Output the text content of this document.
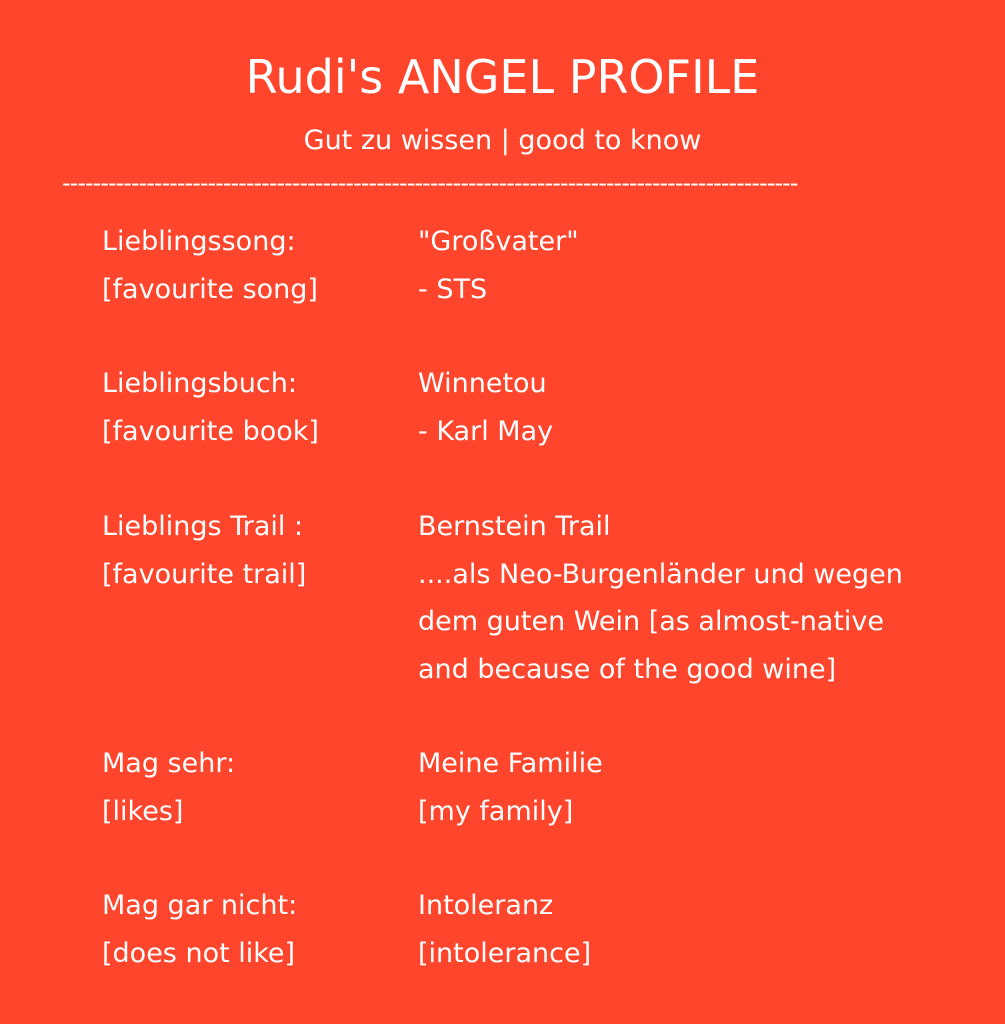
Rudi's ANGEL PROFILE
Gut zu wissen | good to know
------------------------------------------------------------------------------------------------
Lieblingssong:
[favourite song]
"Großvater"
- STS
Lieblingsbuch:
[favourite book]
Winnetou
- Karl May
Lieblings Trail :
[favourite trail]
Bernstein Trail
....als Neo-Burgenländer und wegen
dem guten Wein [as almost-native
and because of the good wine]
Mag sehr:
[likes]
Meine Familie
[my family]
Mag gar nicht:
[does not like]
Intoleranz
[intolerance]
